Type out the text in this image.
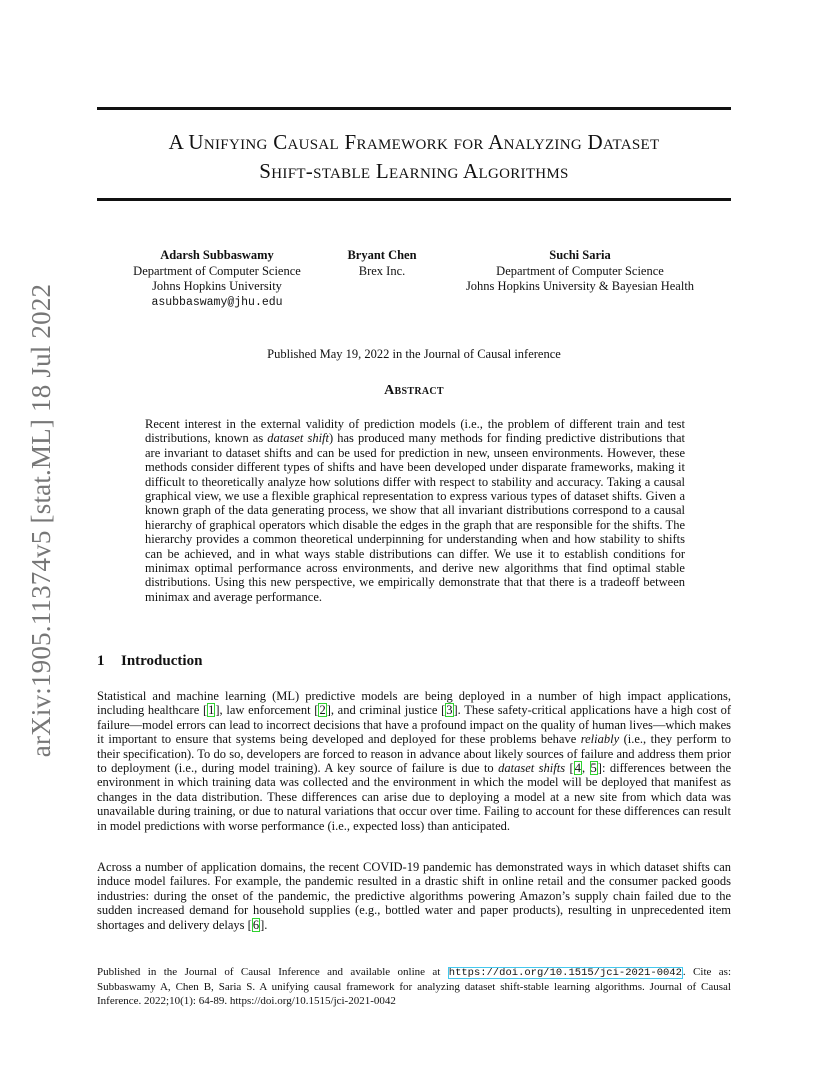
arXiv:1905.11374v5 [stat.ML] 18 Jul 2022
A Unifying Causal Framework for Analyzing Dataset
Shift-stable Learning Algorithms
Adarsh Subbaswamy
Department of Computer Science
Johns Hopkins University
asubbaswamy@jhu.edu
Bryant Chen
Brex Inc.
Suchi Saria
Department of Computer Science
Johns Hopkins University & Bayesian Health
Published May 19, 2022 in the Journal of Causal inference
Abstract

Recent interest in the external validity of prediction models (i.e., the problem of different train and test distributions, known as dataset shift) has produced many methods for finding predictive distributions that are invariant to dataset shifts and can be used for prediction in new, unseen environments. However, these methods consider different types of shifts and have been developed under disparate frameworks, making it difficult to theoretically analyze how solutions differ with respect to stability and accuracy. Taking a causal graphical view, we use a flexible graphical representation to express various types of dataset shifts. Given a known graph of the data generating process, we show that all invariant distributions correspond to a causal hierarchy of graphical operators which disable the edges in the graph that are responsible for the shifts. The hierarchy provides a common theoretical underpinning for understanding when and how stability to shifts can be achieved, and in what ways stable distributions can differ. We use it to establish conditions for minimax optimal performance across environments, and derive new algorithms that find optimal stable distributions. Using this new perspective, we empirically demonstrate that that there is a tradeoff between minimax and average performance.

1 Introduction

Statistical and machine learning (ML) predictive models are being deployed in a number of high impact applications, including healthcare [1], law enforcement [2], and criminal justice [3]. These safety-critical applications have a high cost of failure—model errors can lead to incorrect decisions that have a profound impact on the quality of human lives—which makes it important to ensure that systems being developed and deployed for these problems behave reliably (i.e., they perform to their specification). To do so, developers are forced to reason in advance about likely sources of failure and address them prior to deployment (i.e., during model training). A key source of failure is due to dataset shifts [4, 5]: differences between the environment in which training data was collected and the environment in which the model will be deployed that manifest as changes in the data distribution. These differences can arise due to deploying a model at a new site from which data was unavailable during training, or due to natural variations that occur over time. Failing to account for these differences can result in model predictions with worse performance (i.e., expected loss) than anticipated.

Across a number of application domains, the recent COVID-19 pandemic has demonstrated ways in which dataset shifts can induce model failures. For example, the pandemic resulted in a drastic shift in online retail and the consumer packed goods industries: during the onset of the pandemic, the predictive algorithms powering Amazon’s supply chain failed due to the sudden increased demand for household supplies (e.g., bottled water and paper products), resulting in unprecedented item shortages and delivery delays [6].

Published in the Journal of Causal Inference and available online at https://doi.org/10.1515/jci-2021-0042. Cite as: Subbaswamy A, Chen B, Saria S. A unifying causal framework for analyzing dataset shift-stable learning algorithms. Journal of Causal Inference. 2022;10(1): 64-89. https://doi.org/10.1515/jci-2021-0042
